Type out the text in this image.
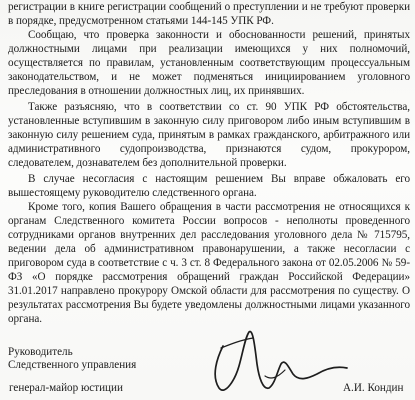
регистрации в книге регистрации сообщений о преступлении и не требуют проверки в порядке, предусмотренном статьями 144-145 УПК РФ.

Сообщаю, что проверка законности и обоснованности решений, принятых должностными лицами при реализации имеющихся у них полномочий, осуществляется по правилам, установленным соответствующим процессуальным законодательством, и не может подменяться инициированием уголовного преследования в отношении должностных лиц, их принявших.

Также разъясняю, что в соответствии со ст. 90 УПК РФ обстоятельства, установленные вступившим в законную силу приговором либо иным вступившим в законную силу решением суда, принятым в рамках гражданского, арбитражного или административного судопроизводства, признаются судом, прокурором, следователем, дознавателем без дополнительной проверки.

В случае несогласия с настоящим решением Вы вправе обжаловать его вышестоящему руководителю следственного органа.

Кроме того, копия Вашего обращения в части рассмотрения не относящихся к органам Следственного комитета России вопросов - неполноты проведенного сотрудниками органов внутренних дел расследования уголовного дела № 715795, ведении дела об административном правонарушении, а также несогласии с приговором суда в соответствие с ч. 3 ст. 8 Федерального закона от 02.05.2006 № 59-ФЗ «О порядке рассмотрения обращений граждан Российской Федерации» 31.01.2017 направлено прокурору Омской области для рассмотрения по существу. О результатах рассмотрения Вы будете уведомлены должностными лицами указанного органа.

Руководитель
Следственного управления
генерал-майор юстиции	А.И. Кондин
